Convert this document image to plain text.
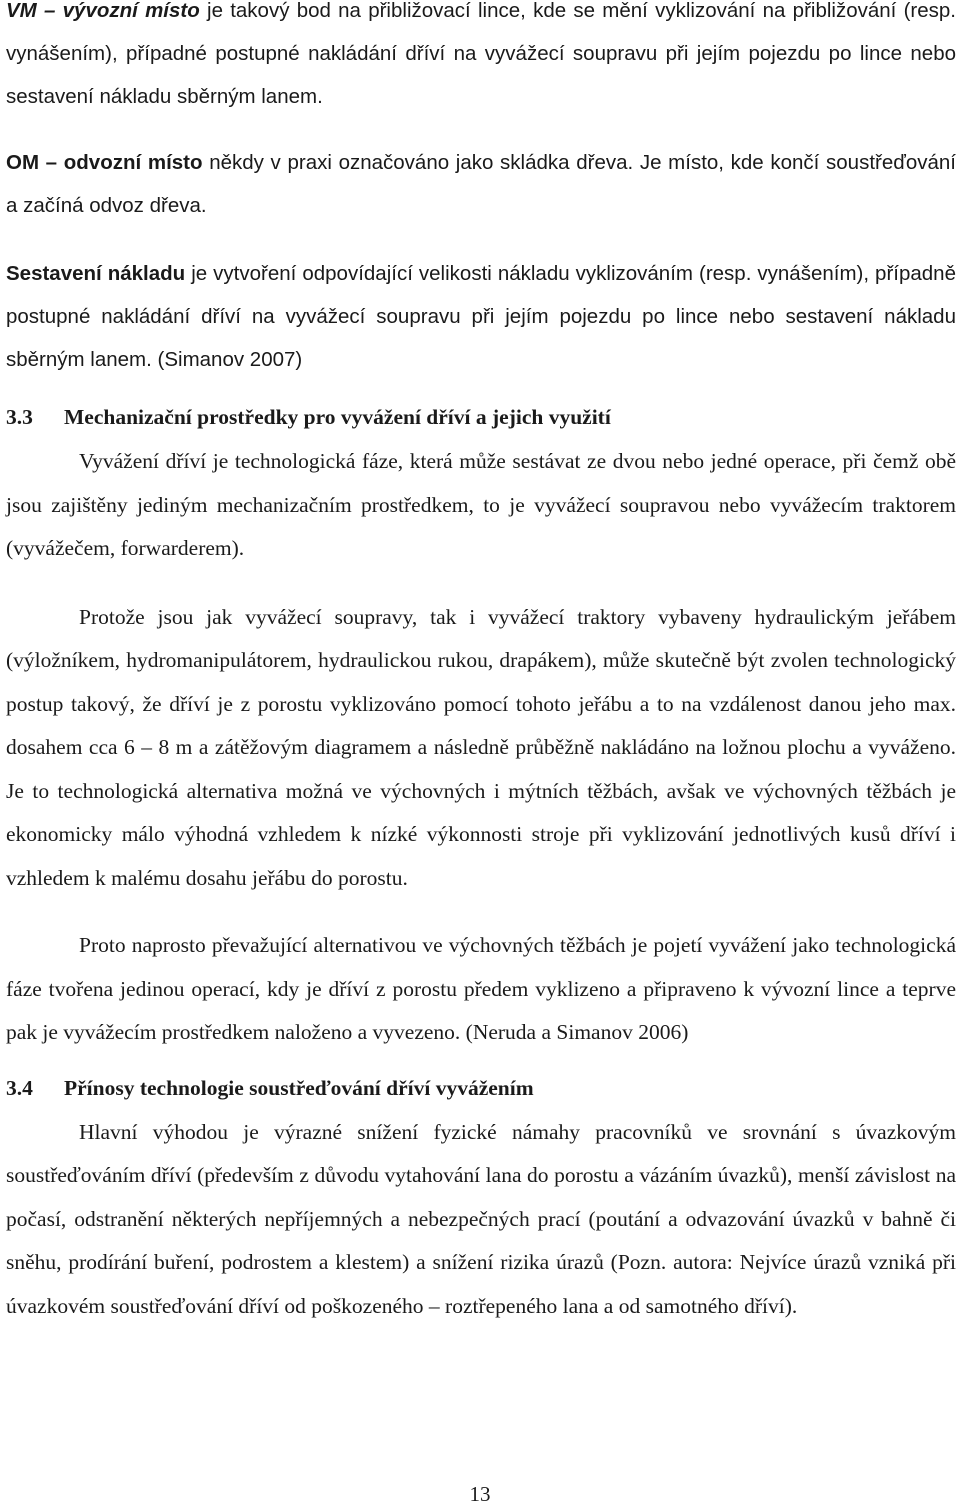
VM – vývozní místo je takový bod na přibližovací lince, kde se mění vyklizování na přibližování (resp. vynášením), případné postupné nakládání dříví na vyvážecí soupravu při jejím pojezdu po lince nebo sestavení nákladu sběrným lanem.

OM – odvozní místo někdy v praxi označováno jako skládka dřeva. Je místo, kde končí soustřeďování a začíná odvoz dřeva.

Sestavení nákladu je vytvoření odpovídající velikosti nákladu vyklizováním (resp. vynášením), případně postupné nakládání dříví na vyvážecí soupravu při jejím pojezdu po lince nebo sestavení nákladu sběrným lanem. (Simanov 2007)

3.3 Mechanizační prostředky pro vyvážení dříví a jejich využití

Vyvážení dříví je technologická fáze, která může sestávat ze dvou nebo jedné operace, při čemž obě jsou zajištěny jediným mechanizačním prostředkem, to je vyvážecí soupravou nebo vyvážecím traktorem (vyvážečem, forwarderem).

Protože jsou jak vyvážecí soupravy, tak i vyvážecí traktory vybaveny hydraulickým jeřábem (výložníkem, hydromanipulátorem, hydraulickou rukou, drapákem), může skutečně být zvolen technologický postup takový, že dříví je z porostu vyklizováno pomocí tohoto jeřábu a to na vzdálenost danou jeho max. dosahem cca 6 – 8 m a zátěžovým diagramem a následně průběžně nakládáno na ložnou plochu a vyváženo. Je to technologická alternativa možná ve výchovných i mýtních těžbách, avšak ve výchovných těžbách je ekonomicky málo výhodná vzhledem k nízké výkonnosti stroje při vyklizování jednotlivých kusů dříví i vzhledem k malému dosahu jeřábu do porostu.

Proto naprosto převažující alternativou ve výchovných těžbách je pojetí vyvážení jako technologická fáze tvořena jedinou operací, kdy je dříví z porostu předem vyklizeno a připraveno k vývozní lince a teprve pak je vyvážecím prostředkem naloženo a vyvezeno. (Neruda a Simanov 2006)

3.4 Přínosy technologie soustřeďování dříví vyvážením

Hlavní výhodou je výrazné snížení fyzické námahy pracovníků ve srovnání s úvazkovým soustřeďováním dříví (především z důvodu vytahování lana do porostu a vázáním úvazků), menší závislost na počasí, odstranění některých nepříjemných a nebezpečných prací (poutání a odvazování úvazků v bahně či sněhu, prodírání buření, podrostem a klestem) a snížení rizika úrazů (Pozn. autora: Nejvíce úrazů vzniká při úvazkovém soustřeďování dříví od poškozeného – roztřepeného lana a od samotného dříví).

13
